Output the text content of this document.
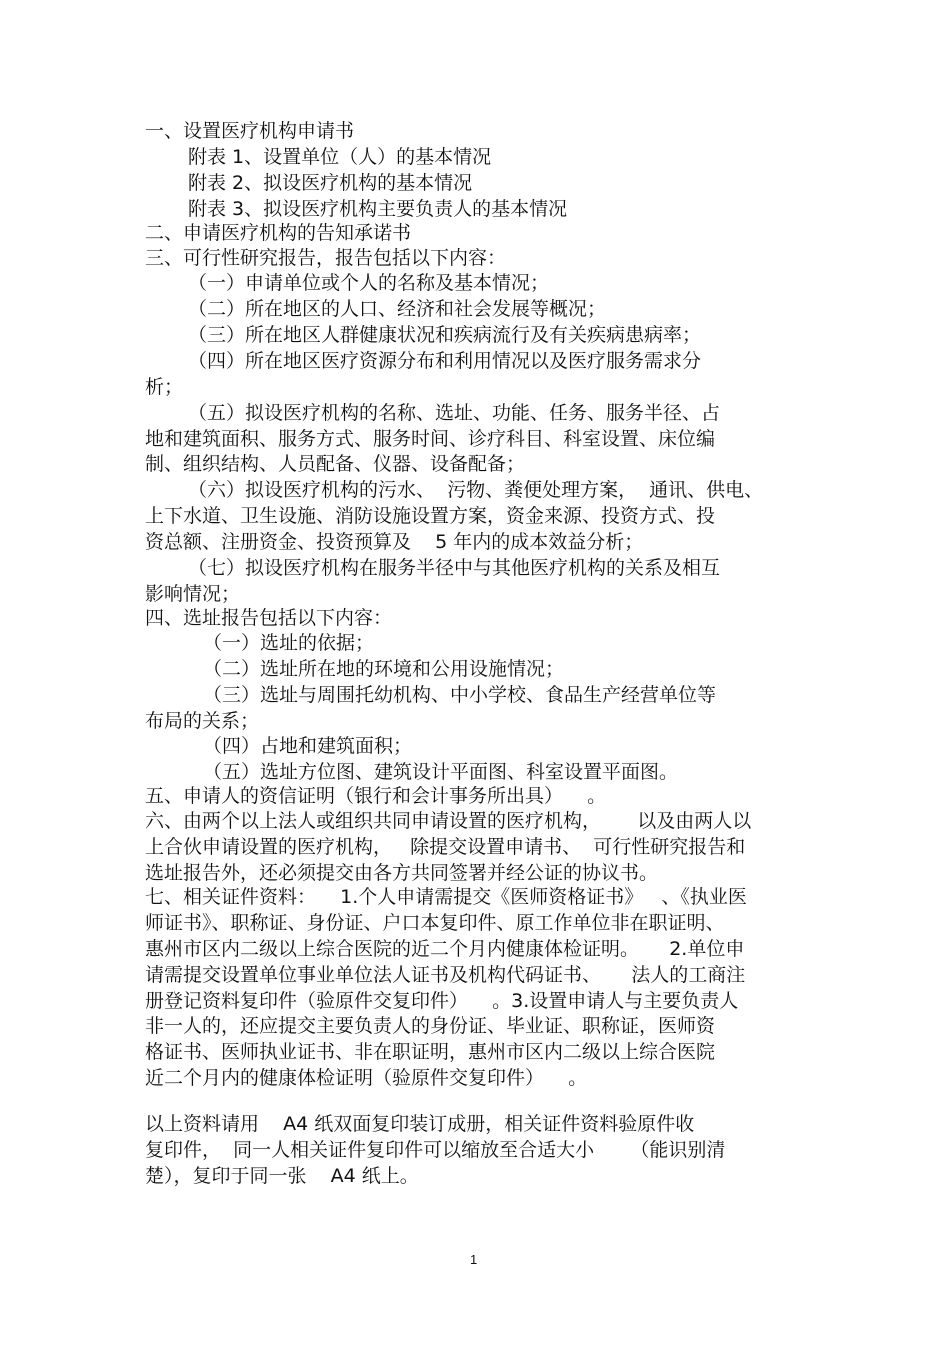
一、设置医疗机构申请书
附表 1、设置单位（人）的基本情况
附表 2、拟设医疗机构的基本情况
附表 3、拟设医疗机构主要负责人的基本情况
二、申请医疗机构的告知承诺书
三、可行性研究报告，报告包括以下内容：
（一）申请单位或个人的名称及基本情况；
（二）所在地区的人口、经济和社会发展等概况；
（三）所在地区人群健康状况和疾病流行及有关疾病患病率；
（四）所在地区医疗资源分布和利用情况以及医疗服务需求分
析；
（五）拟设医疗机构的名称、选址、功能、任务、服务半径、占
地和建筑面积、服务方式、服务时间、诊疗科目、科室设置、床位编
制、组织结构、人员配备、仪器、设备配备；
（六）拟设医疗机构的污水、  污物、粪便处理方案，  通讯、供电、
上下水道、卫生设施、消防设施设置方案，资金来源、投资方式、投
资总额、注册资金、投资预算及    5 年内的成本效益分析；
（七）拟设医疗机构在服务半径中与其他医疗机构的关系及相互
影响情况；
四、选址报告包括以下内容：
（一）选址的依据；
（二）选址所在地的环境和公用设施情况；
（三）选址与周围托幼机构、中小学校、食品生产经营单位等
布局的关系；
（四）占地和建筑面积；
（五）选址方位图、建筑设计平面图、科室设置平面图。
五、申请人的资信证明（银行和会计事务所出具）    。
六、由两个以上法人或组织共同申请设置的医疗机构，      以及由两人以
上合伙申请设置的医疗机构，   除提交设置申请书、  可行性研究报告和
选址报告外，还必须提交由各方共同签署并经公证的协议书。
七、相关证件资料：    1.个人申请需提交《医师资格证书》   、《执业医
师证书》、职称证、身份证、户口本复印件、原工作单位非在职证明、
惠州市区内二级以上综合医院的近二个月内健康体检证明。     2.单位申
请需提交设置单位事业单位法人证书及机构代码证书、     法人的工商注
册登记资料复印件（验原件交复印件）    。3.设置申请人与主要负责人
非一人的，还应提交主要负责人的身份证、毕业证、职称证，医师资
格证书、医师执业证书、非在职证明，惠州市区内二级以上综合医院
近二个月内的健康体检证明（验原件交复印件）    。
以上资料请用    A4 纸双面复印装订成册，相关证件资料验原件收
复印件，  同一人相关证件复印件可以缩放至合适大小      （能识别清
楚），复印于同一张    A4 纸上。
1
